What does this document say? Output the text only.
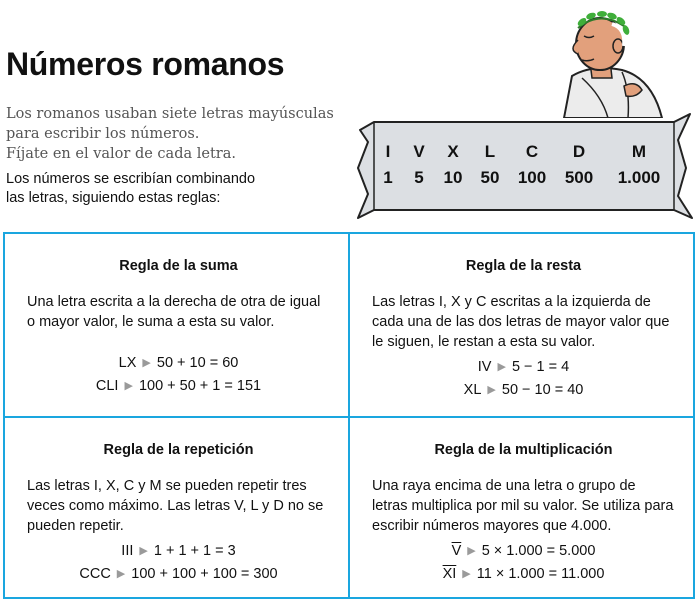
Números romanos
Los romanos usaban siete letras mayúsculas
para escribir los números.
Fíjate en el valor de cada letra.
Los números se escribían combinando
las letras, siguiendo estas reglas:
I	V	X	L	C	D	M
1	5	10	50	100	500	1.000
Regla de la suma
Una letra escrita a la derecha de otra de igual o mayor valor, le suma a esta su valor.
LX ▶ 50 + 10 = 60
CLI ▶ 100 + 50 + 1 = 151
Regla de la resta
Las letras I, X y C escritas a la izquierda de cada una de las dos letras de mayor valor que le siguen, le restan a esta su valor.
IV ▶ 5 − 1 = 4
XL ▶ 50 − 10 = 40
Regla de la repetición
Las letras I, X, C y M se pueden repetir tres veces como máximo. Las letras V, L y D no se pueden repetir.
III ▶ 1 + 1 + 1 = 3
CCC ▶ 100 + 100 + 100 = 300
Regla de la multiplicación
Una raya encima de una letra o grupo de letras multiplica por mil su valor. Se utiliza para escribir números mayores que 4.000.
$\overline{V}$ ▶ 5 × 1.000 = 5.000
$\overline{XI}$ ▶ 11 × 1.000 = 11.000
